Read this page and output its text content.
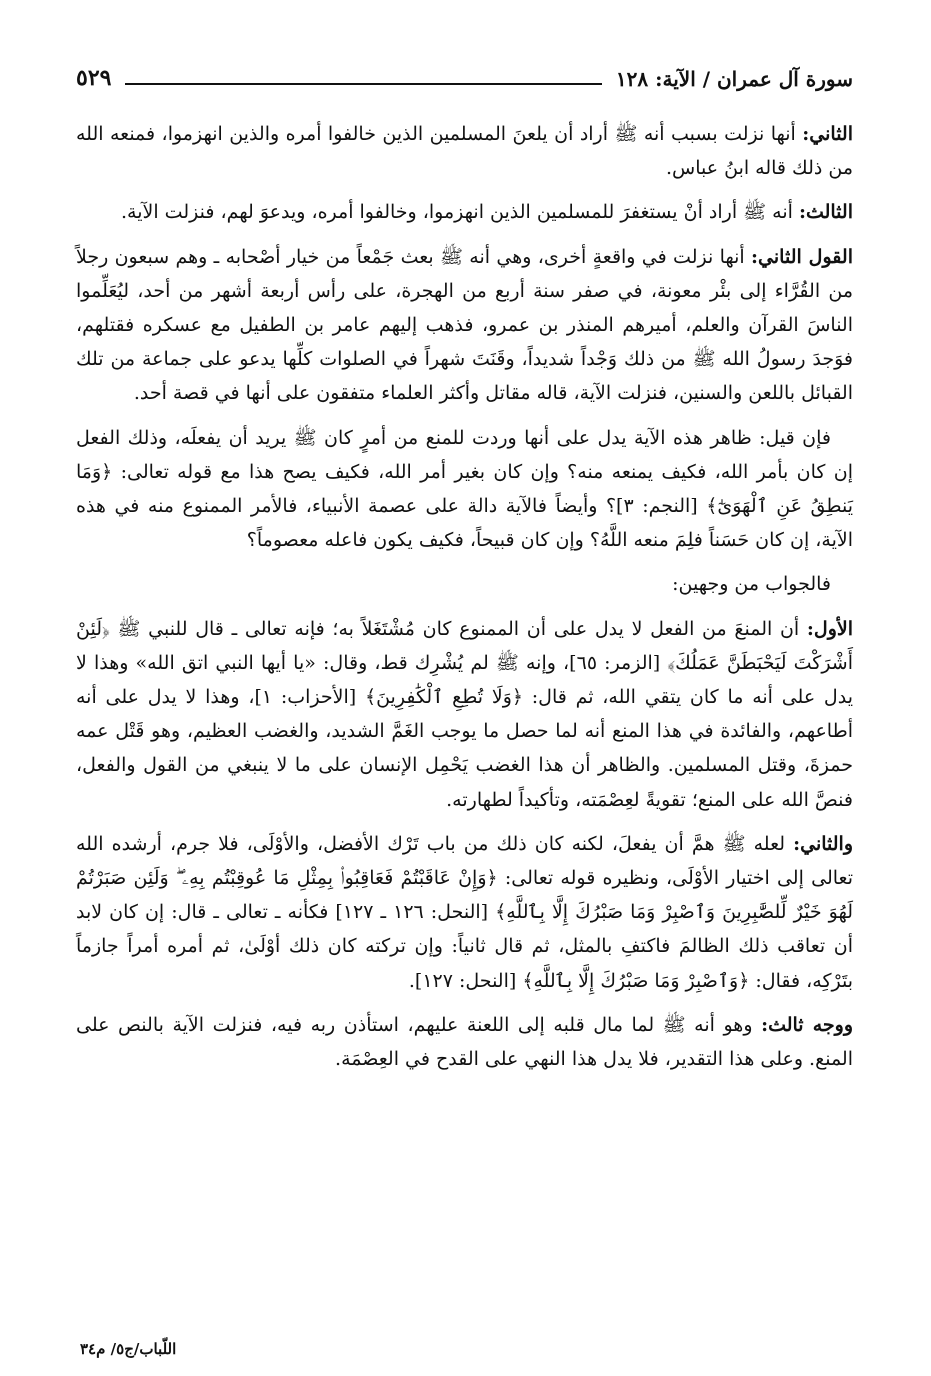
سورة آل عمران / الآية: ١٢٨
٥٢٩

الثاني: أنها نزلت بسبب أنه ﷺ أراد أن يلعنَ المسلمين الذين خالفوا أمره والذين انهزموا، فمنعه الله من ذلك قاله ابنُ عباس.

الثالث: أنه ﷺ أراد أنْ يستغفرَ للمسلمين الذين انهزموا، وخالفوا أمره، ويدعوَ لهم، فنزلت الآية.

القول الثاني: أنها نزلت في واقعةٍ أخرى، وهي أنه ﷺ بعث جَمْعاً من خيار أصْحابه ـ وهم سبعون رجلاً من القُرَّاء إلى بئْر معونة، في صفر سنة أربع من الهجرة، على رأس أربعة أشهر من أحد، ليُعَلِّموا الناسَ القرآن والعلم، أميرهم المنذر بن عمرو، فذهب إليهم عامر بن الطفيل مع عسكره فقتلهم، فوَجدَ رسولُ الله ﷺ من ذلك وَجْداً شديداً، وقَنَتَ شهراً في الصلوات كلِّها يدعو على جماعة من تلك القبائل باللعن والسنين، فنزلت الآية، قاله مقاتل وأكثر العلماء متفقون على أنها في قصة أحد.

فإن قيل: ظاهر هذه الآية يدل على أنها وردت للمنع من أمرٍ كان ﷺ يريد أن يفعلَه، وذلك الفعل إن كان بأمر الله، فكيف يمنعه منه؟ وإن كان بغير أمر الله، فكيف يصح هذا مع قوله تعالى: ﴿وَمَا يَنطِقُ عَنِ ٱلْهَوَىٰٓ﴾ [النجم: ٣]؟ وأيضاً فالآية دالة على عصمة الأنبياء، فالأمر الممنوع منه في هذه الآية، إن كان حَسَناً فلِمَ منعه اللَّهُ؟ وإن كان قبيحاً، فكيف يكون فاعله معصوماً؟

فالجواب من وجهين:

الأول: أن المنعَ من الفعل لا يدل على أن الممنوع كان مُشْتَغَلاً به؛ فإنه تعالى ـ قال للنبي ﷺ ﴿لَئِنْ أَشْرَكْتَ لَيَحْبَطَنَّ عَمَلُكَ﴾ [الزمر: ٦٥]، وإنه ﷺ لم يُشْرِك قط، وقال: «يا أيها النبي اتق الله» وهذا لا يدل على أنه ما كان يتقي الله، ثم قال: ﴿وَلَا تُطِعِ ٱلْكَٰفِرِينَ﴾ [الأحزاب: ١]، وهذا لا يدل على أنه أطاعهم، والفائدة في هذا المنع أنه لما حصل ما يوجب الغَمَّ الشديد، والغضب العظيم، وهو قَتْل عمه حمزةَ، وقتل المسلمين. والظاهر أن هذا الغضب يَحْمِل الإنسان على ما لا ينبغي من القول والفعل، فنصَّ الله على المنع؛ تقويةً لعِصْمَته، وتأكيداً لطهارته.

والثاني: لعله ﷺ همَّ أن يفعلَ، لكنه كان ذلك من باب تَرْك الأفضل، والأوْلَى، فلا جرم، أرشده الله تعالى إلى اختيار الأوْلَى، ونظيره قوله تعالى: ﴿وَإِنْ عَاقَبْتُمْ فَعَاقِبُوا۟ بِمِثْلِ مَا عُوقِبْتُم بِهِۦ ۖ وَلَئِن صَبَرْتُمْ لَهُوَ خَيْرٌ لِّلصَّٰبِرِينَ وَٱصْبِرْ وَمَا صَبْرُكَ إِلَّا بِٱللَّهِ﴾ [النحل: ١٢٦ ـ ١٢٧] فكأنه ـ تعالى ـ قال: إن كان لابد أن تعاقب ذلك الظالمَ فاكتفِ بالمثل، ثم قال ثانياً: وإن تركته كان ذلك أوْلَىٰ، ثم أمره أمراً جازماً بتَرْكِه، فقال: ﴿وَٱصْبِرْ وَمَا صَبْرُكَ إِلَّا بِٱللَّهِ﴾ [النحل: ١٢٧].

ووجه ثالث: وهو أنه ﷺ لما مال قلبه إلى اللعنة عليهم، استأذن ربه فيه، فنزلت الآية بالنص على المنع. وعلى هذا التقدير، فلا يدل هذا النهي على القدح في العِصْمَة.

اللّباب/ج٥/ م٣٤
